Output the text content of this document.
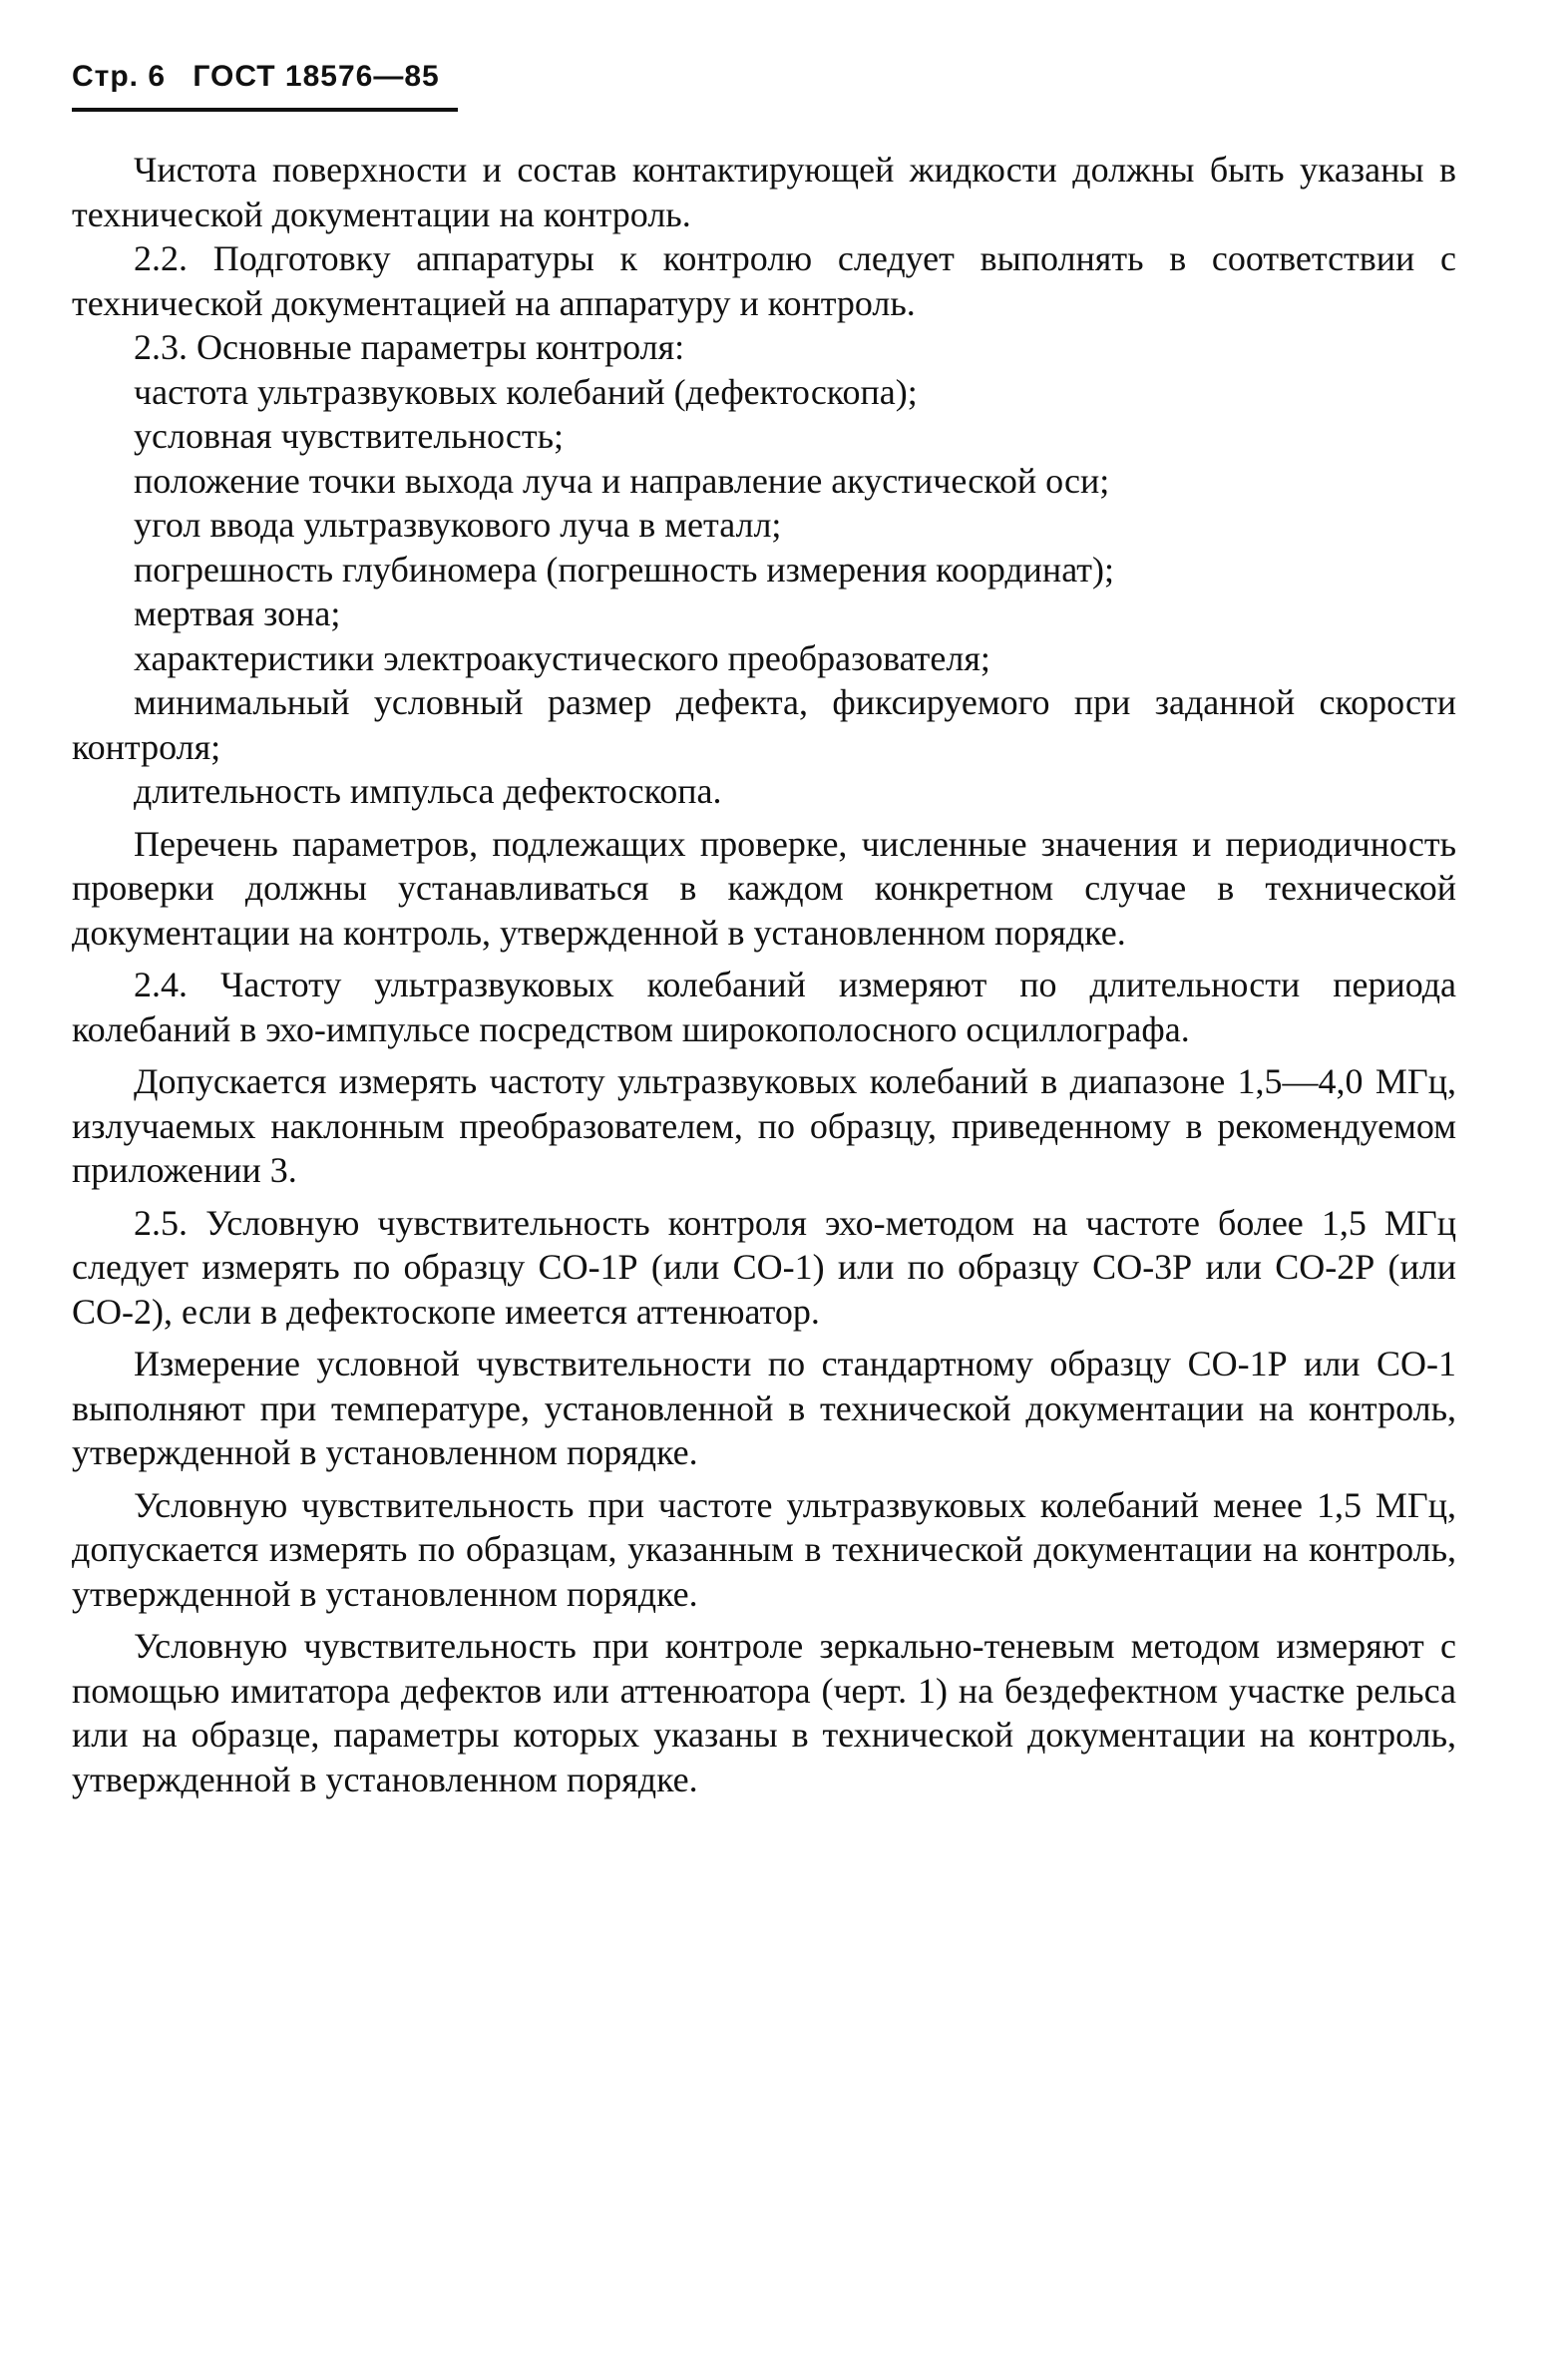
Стр. 6 ГОСТ 18576—85

Чистота поверхности и состав контактирующей жидкости должны быть указаны в технической документации на контроль.

2.2. Подготовку аппаратуры к контролю следует выполнять в соответствии с технической документацией на аппаратуру и контроль.

2.3. Основные параметры контроля:

частота ультразвуковых колебаний (дефектоскопа);

условная чувствительность;

положение точки выхода луча и направление акустической оси;

угол ввода ультразвукового луча в металл;

погрешность глубиномера (погрешность измерения координат);

мертвая зона;

характеристики электроакустического преобразователя;

минимальный условный размер дефекта, фиксируемого при заданной скорости контроля;

длительность импульса дефектоскопа.

Перечень параметров, подлежащих проверке, численные значения и периодичность проверки должны устанавливаться в каждом конкретном случае в технической документации на контроль, утвержденной в установленном порядке.

2.4. Частоту ультразвуковых колебаний измеряют по длительности периода колебаний в эхо-импульсе посредством широкополосного осциллографа.

Допускается измерять частоту ультразвуковых колебаний в диапазоне 1,5—4,0 МГц, излучаемых наклонным преобразователем, по образцу, приведенному в рекомендуемом приложении 3.

2.5. Условную чувствительность контроля эхо-методом на частоте более 1,5 МГц следует измерять по образцу СО-1Р (или СО-1) или по образцу СО-3Р или СО-2Р (или СО-2), если в дефектоскопе имеется аттенюатор.

Измерение условной чувствительности по стандартному образцу СО-1Р или СО-1 выполняют при температуре, установленной в технической документации на контроль, утвержденной в установленном порядке.

Условную чувствительность при частоте ультразвуковых колебаний менее 1,5 МГц, допускается измерять по образцам, указанным в технической документации на контроль, утвержденной в установленном порядке.

Условную чувствительность при контроле зеркально-теневым методом измеряют с помощью имитатора дефектов или аттенюатора (черт. 1) на бездефектном участке рельса или на образце, параметры которых указаны в технической документации на контроль, утвержденной в установленном порядке.
